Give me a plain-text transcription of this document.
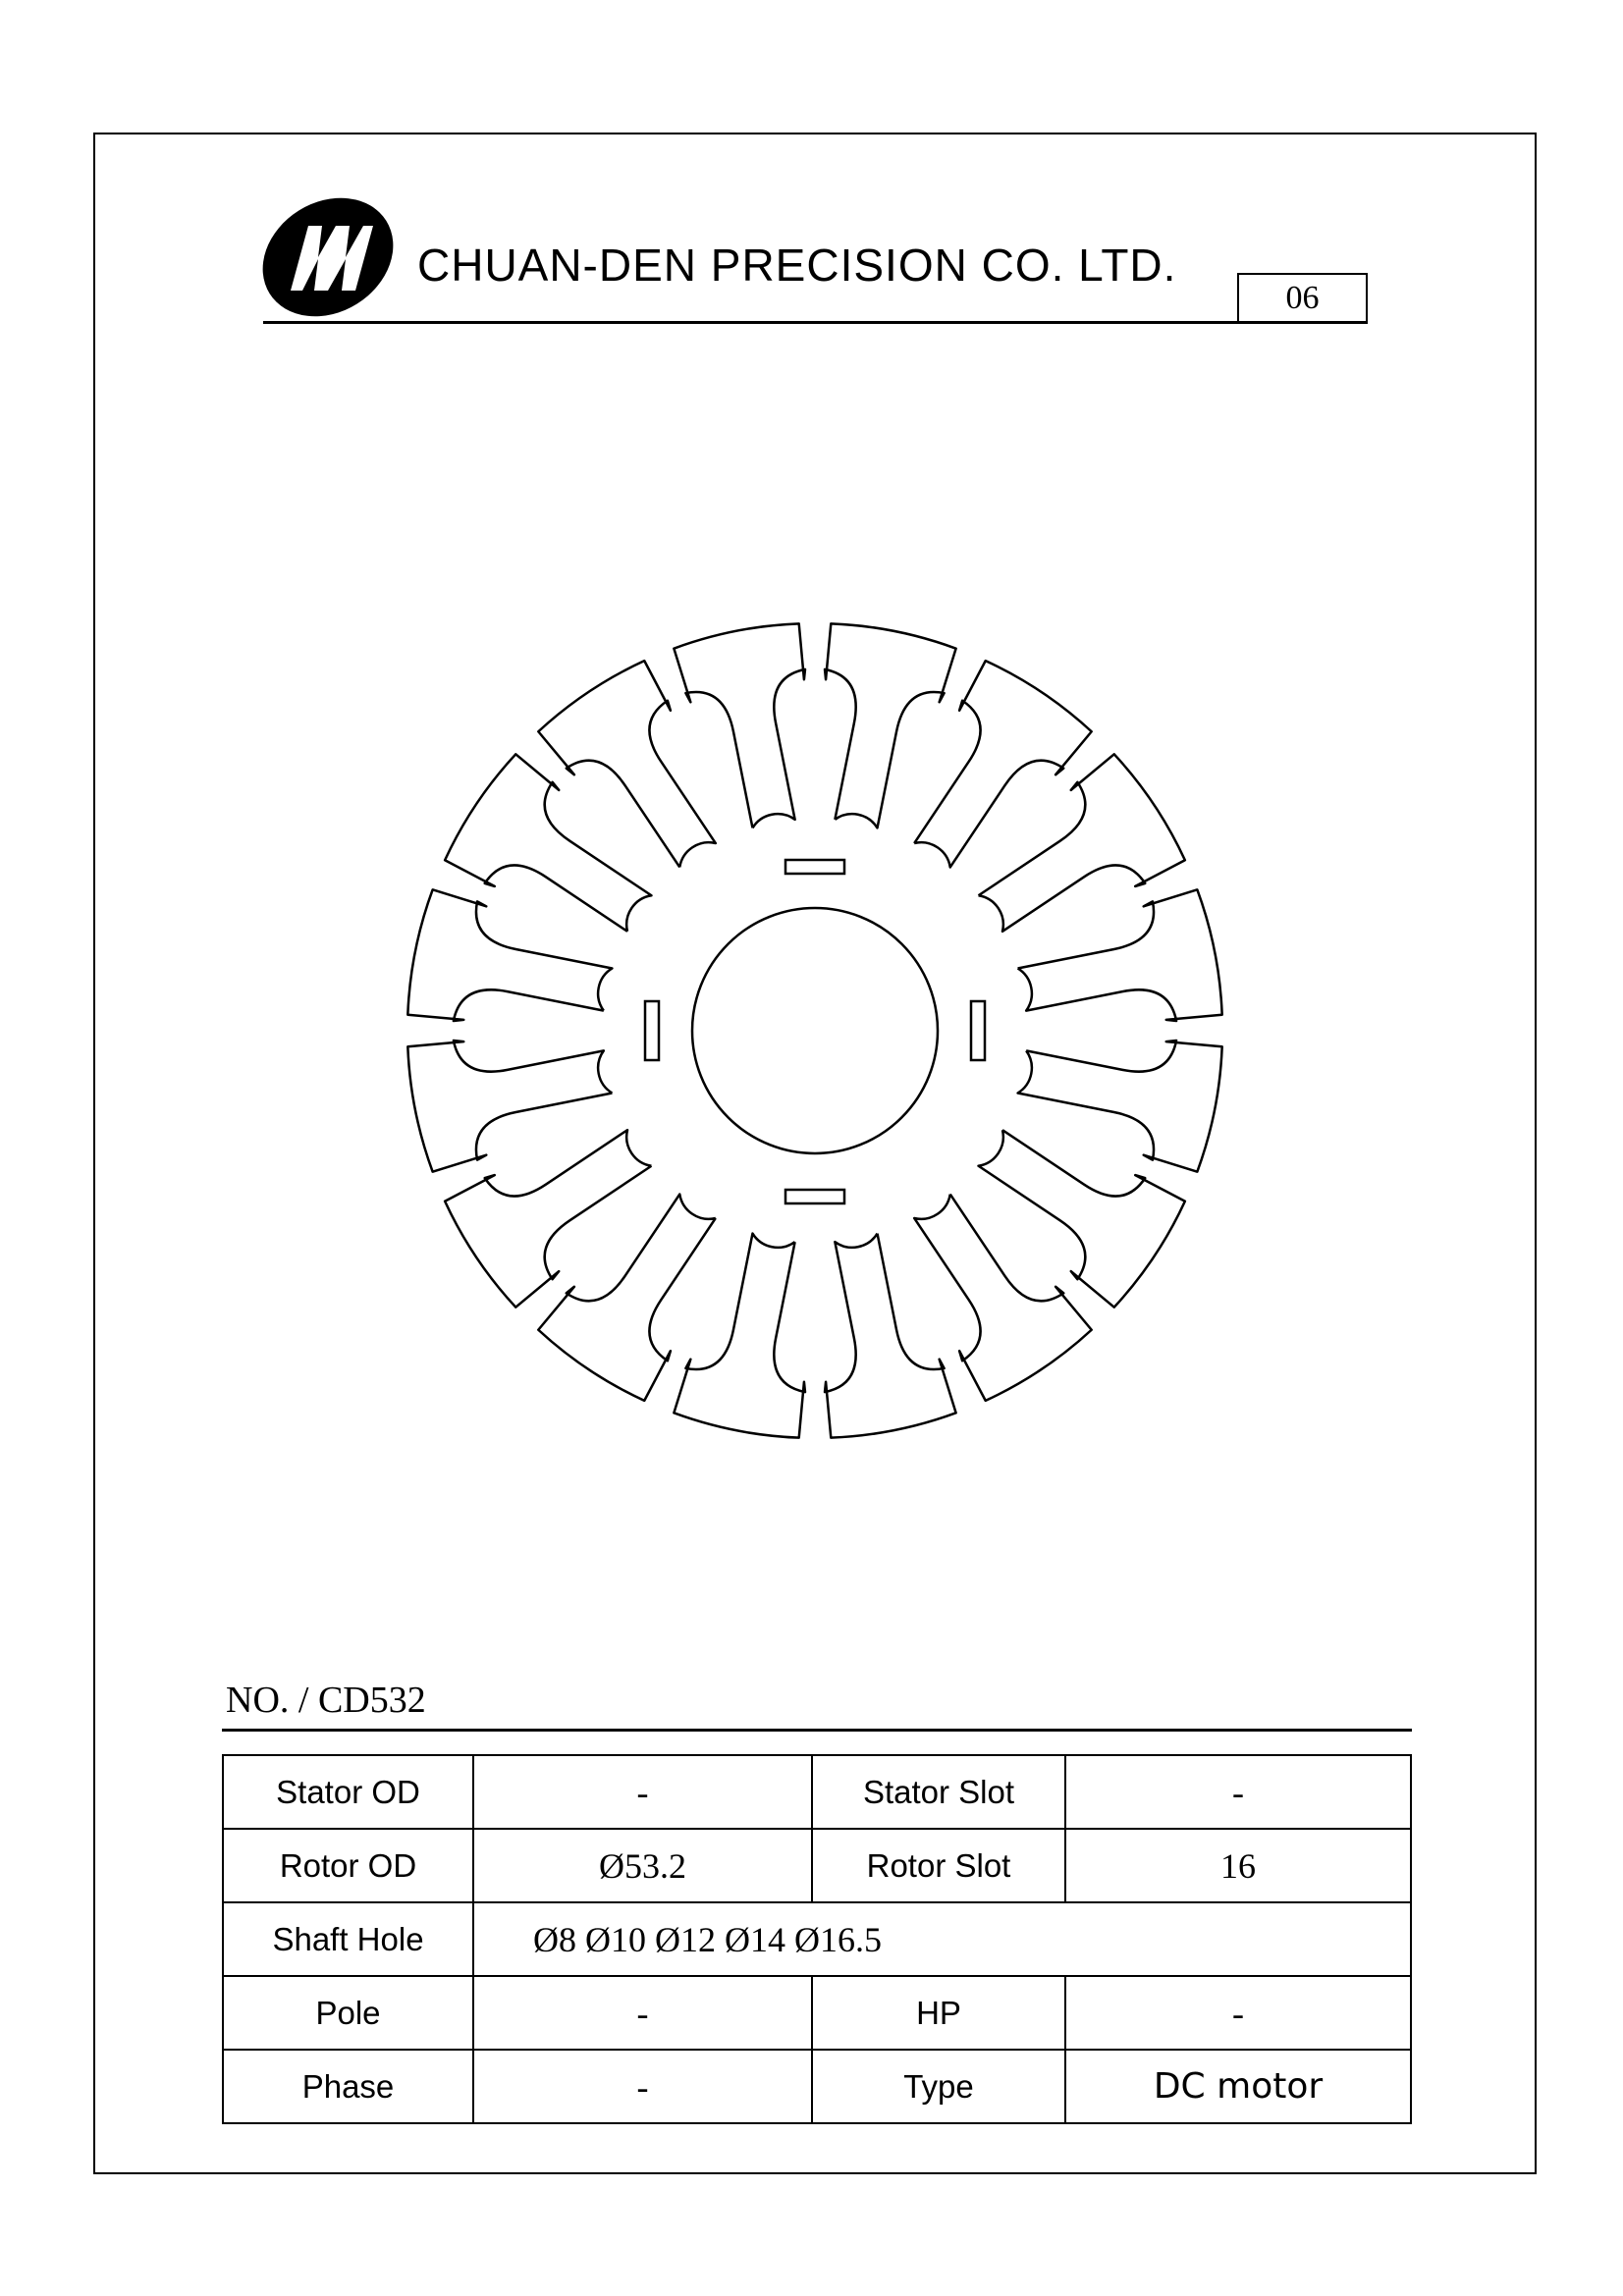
CHUAN-DEN PRECISION CO. LTD.
06
NO. / CD532
Stator OD	-	Stator Slot	-
Rotor OD	Ø53.2	Rotor Slot	16
Shaft Hole	Ø8 Ø10 Ø12 Ø14 Ø16.5		
Pole	-	HP	-
Phase	-	Type	DC motor
